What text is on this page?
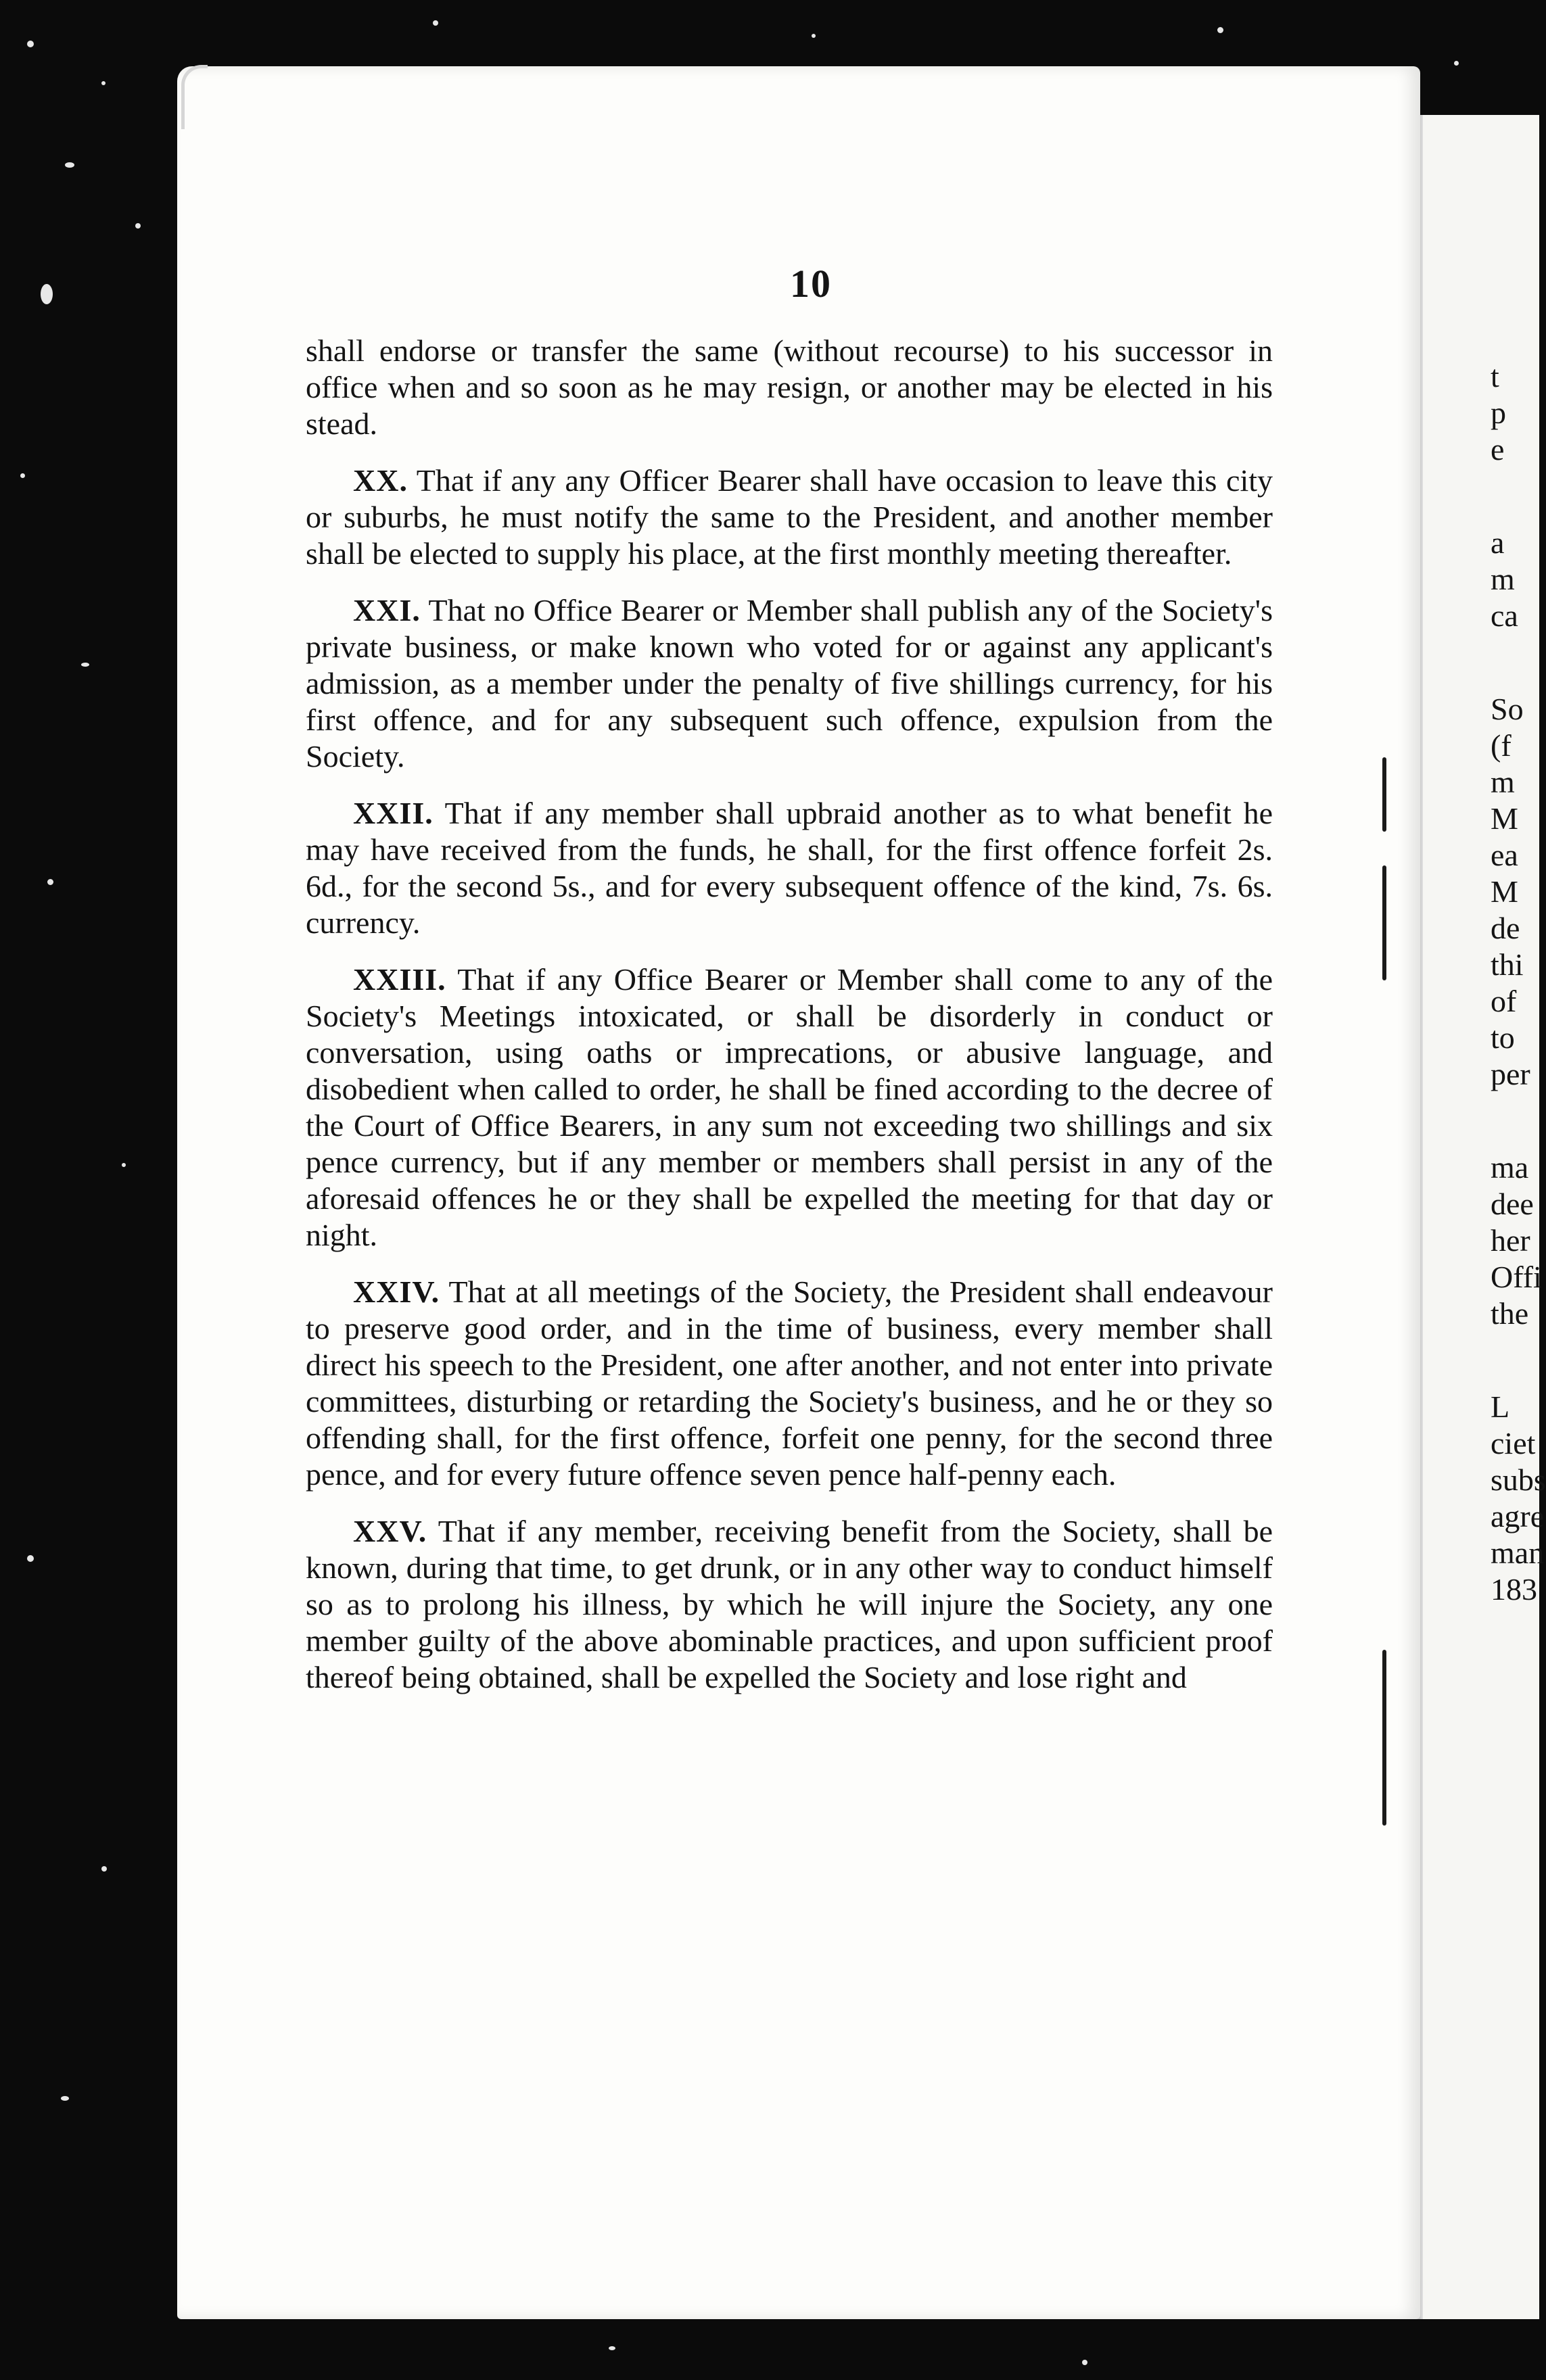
10

shall endorse or transfer the same (without recourse) to his successor in office when and so soon as he may resign, or another may be elected in his stead.

XX. That if any any Officer Bearer shall have occasion to leave this city or suburbs, he must notify the same to the President, and another member shall be elected to supply his place, at the first monthly meeting thereafter.

XXI. That no Office Bearer or Member shall publish any of the Society's private business, or make known who voted for or against any applicant's admission, as a member under the penalty of five shillings currency, for his first offence, and for any subsequent such offence, expulsion from the Society.

XXII. That if any member shall upbraid another as to what benefit he may have received from the funds, he shall, for the first offence forfeit 2s. 6d., for the second 5s., and for every subsequent offence of the kind, 7s. 6s. currency.

XXIII. That if any Office Bearer or Member shall come to any of the Society's Meetings intoxicated, or shall be disorderly in conduct or conversation, using oaths or imprecations, or abusive language, and disobedient when called to order, he shall be fined according to the decree of the Court of Office Bearers, in any sum not exceeding two shillings and six pence currency, but if any member or members shall persist in any of the aforesaid offences he or they shall be expelled the meeting for that day or night.

XXIV. That at all meetings of the Society, the President shall endeavour to preserve good order, and in the time of business, every member shall direct his speech to the President, one after another, and not enter into private committees, disturbing or retarding the Society's business, and he or they so offending shall, for the first offence, forfeit one penny, for the second three pence, and for every future offence seven pence half-penny each.

XXV. That if any member, receiving benefit from the Society, shall be known, during that time, to get drunk, or in any other way to conduct himself so as to prolong his illness, by which he will injure the Society, any one member guilty of the above abominable practices, and upon sufficient proof thereof being obtained, shall be expelled the Society and lose right and

t
p
e
a
m
ca
So
(f
m
M
ea
M
de
thi
of
to
per
ma
dee
her
Offi
the
L
ciet
subs
agre
man
183
